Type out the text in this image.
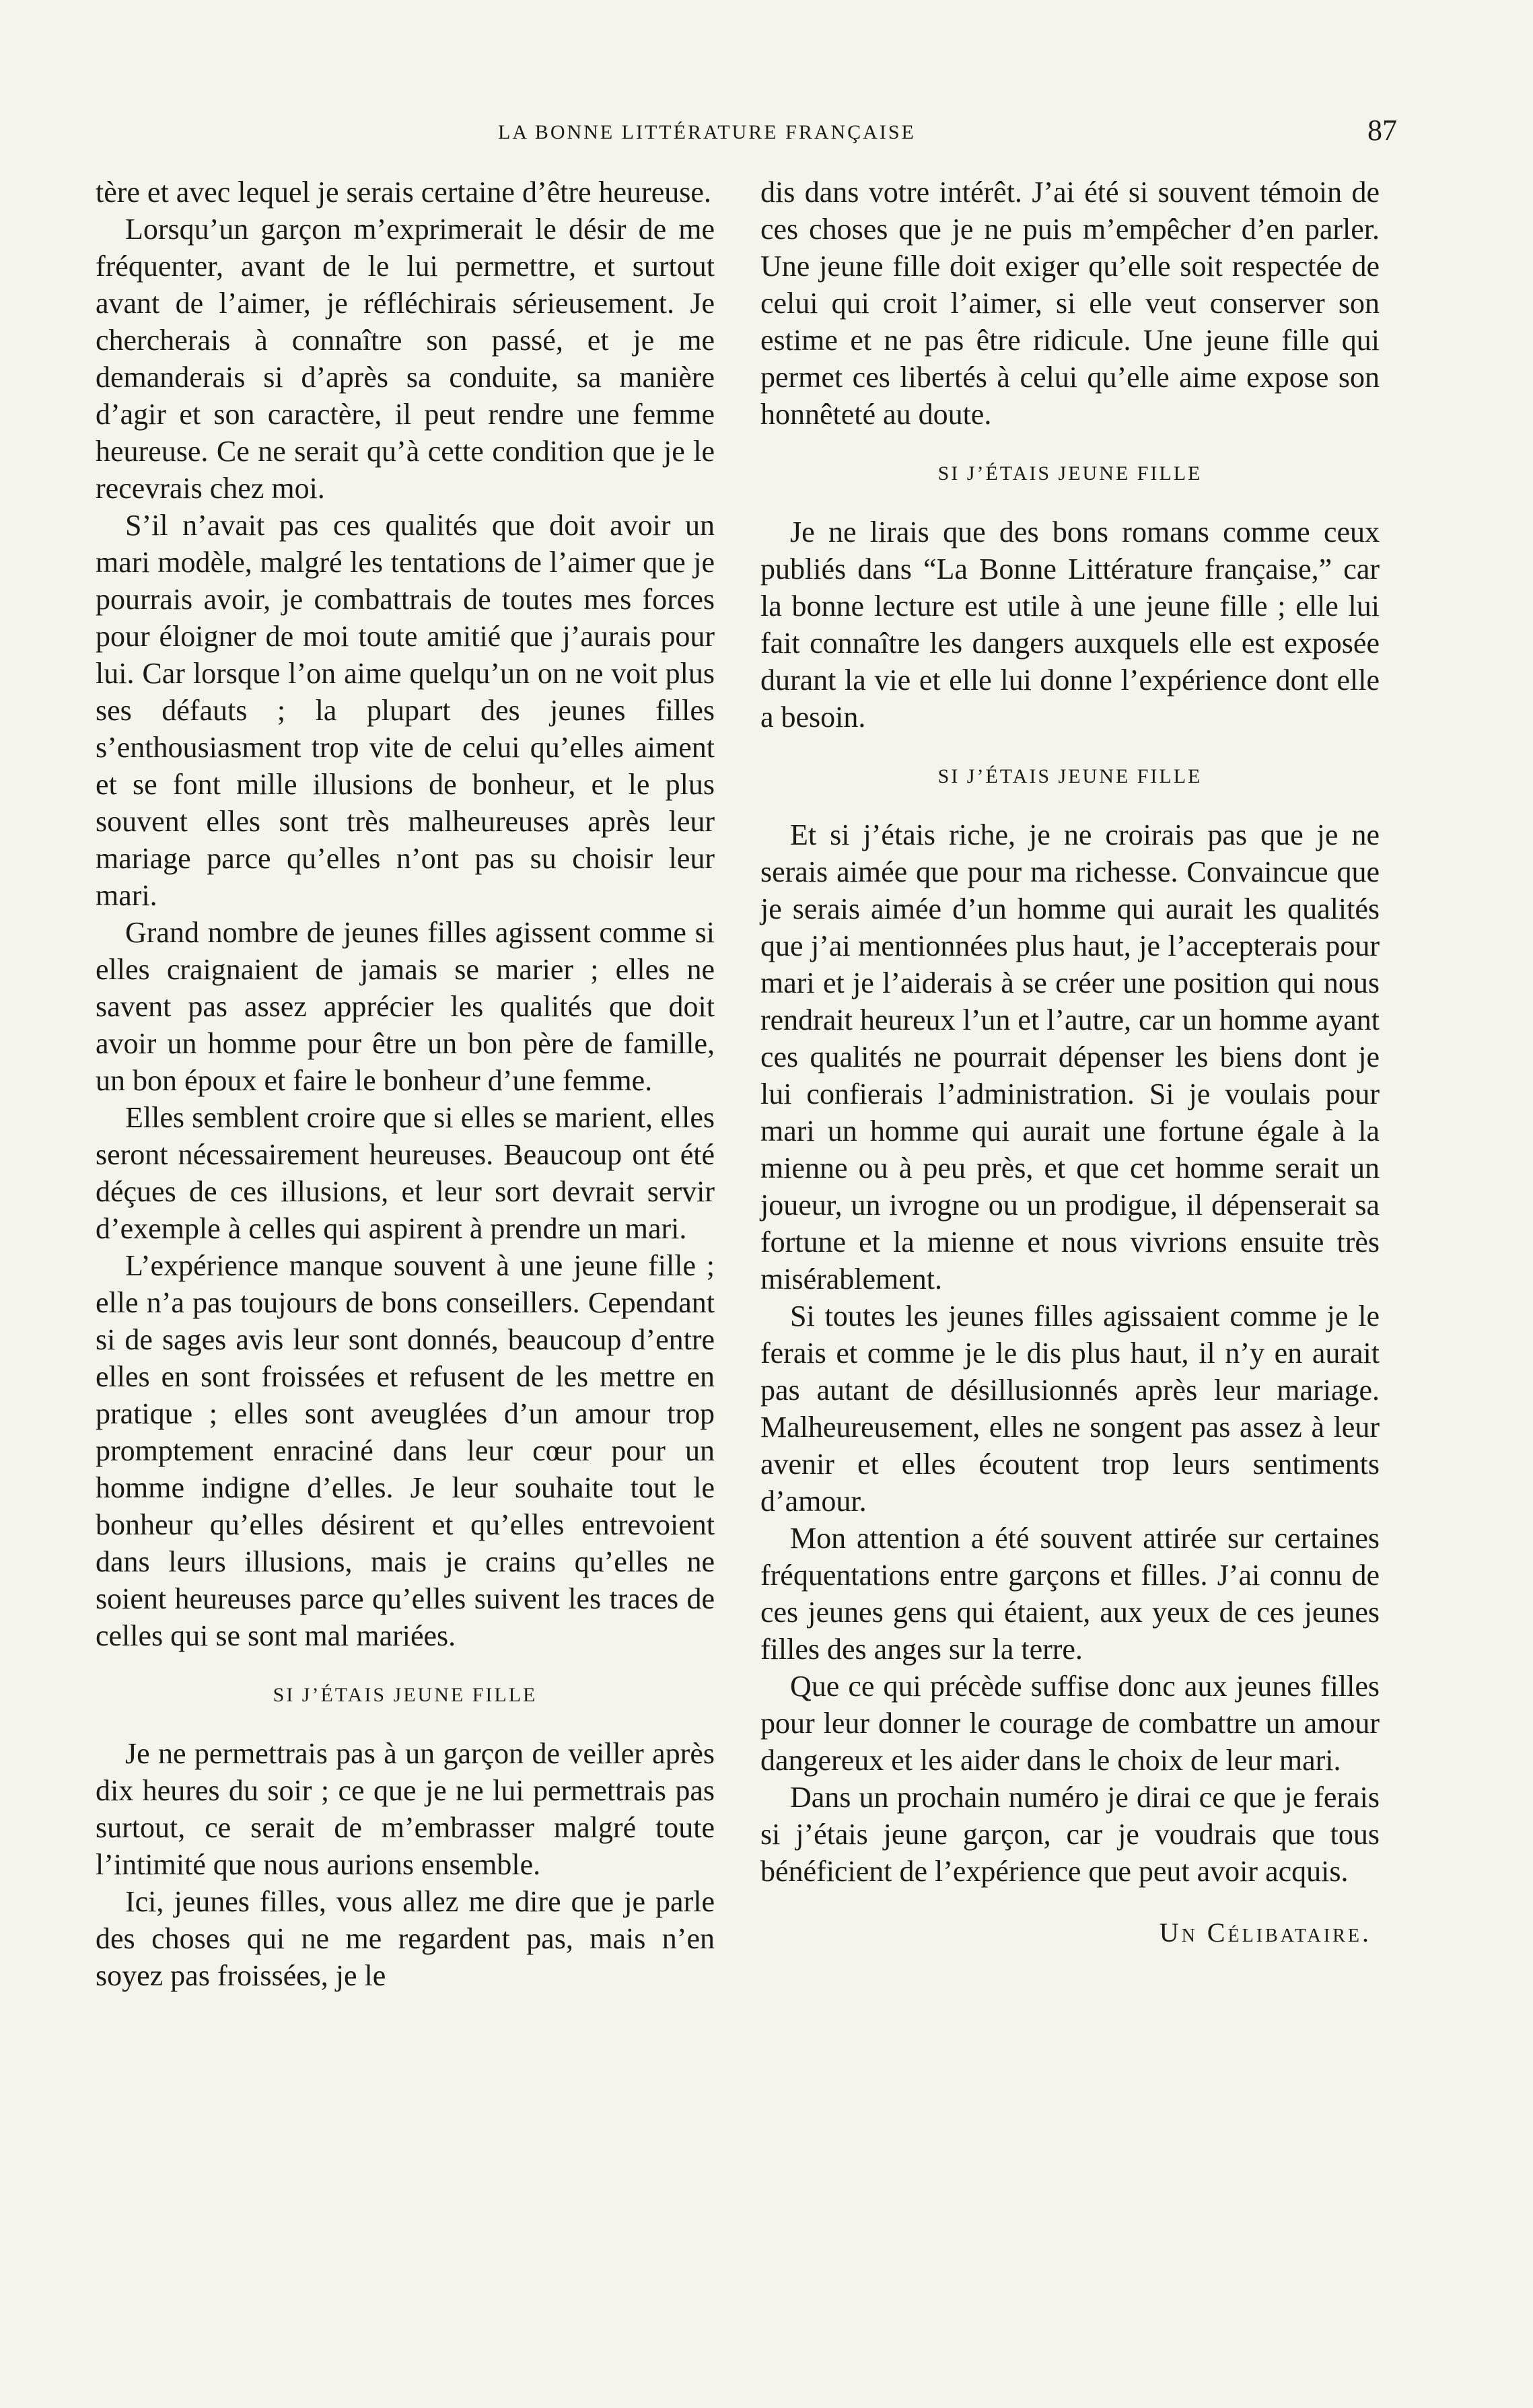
LA BONNE LITTÉRATURE FRANÇAISE	87

tère et avec lequel je serais certaine d’être heureuse.

Lorsqu’un garçon m’exprimerait le désir de me fréquenter, avant de le lui permettre, et surtout avant de l’aimer, je réfléchirais sérieusement. Je chercherais à connaître son passé, et je me demanderais si d’après sa conduite, sa manière d’agir et son caractère, il peut rendre une femme heureuse. Ce ne serait qu’à cette condition que je le recevrais chez moi.

S’il n’avait pas ces qualités que doit avoir un mari modèle, malgré les tentations de l’aimer que je pourrais avoir, je combattrais de toutes mes forces pour éloigner de moi toute amitié que j’aurais pour lui. Car lorsque l’on aime quelqu’un on ne voit plus ses défauts ; la plupart des jeunes filles s’enthousiasment trop vite de celui qu’elles aiment et se font mille illusions de bonheur, et le plus souvent elles sont très malheureuses après leur mariage parce qu’elles n’ont pas su choisir leur mari.

Grand nombre de jeunes filles agissent comme si elles craignaient de jamais se marier ; elles ne savent pas assez apprécier les qualités que doit avoir un homme pour être un bon père de famille, un bon époux et faire le bonheur d’une femme.

Elles semblent croire que si elles se marient, elles seront nécessairement heureuses. Beaucoup ont été déçues de ces illusions, et leur sort devrait servir d’exemple à celles qui aspirent à prendre un mari.

L’expérience manque souvent à une jeune fille ; elle n’a pas toujours de bons conseillers. Cependant si de sages avis leur sont donnés, beaucoup d’entre elles en sont froissées et refusent de les mettre en pratique ; elles sont aveuglées d’un amour trop promptement enraciné dans leur cœur pour un homme indigne d’elles. Je leur souhaite tout le bonheur qu’elles désirent et qu’elles entrevoient dans leurs illusions, mais je crains qu’elles ne soient heureuses parce qu’elles suivent les traces de celles qui se sont mal mariées.

SI J’ÉTAIS JEUNE FILLE

Je ne permettrais pas à un garçon de veiller après dix heures du soir ; ce que je ne lui permettrais pas surtout, ce serait de m’embrasser malgré toute l’intimité que nous aurions ensemble.

Ici, jeunes filles, vous allez me dire que je parle des choses qui ne me regardent pas, mais n’en soyez pas froissées, je le

dis dans votre intérêt. J’ai été si souvent témoin de ces choses que je ne puis m’empêcher d’en parler. Une jeune fille doit exiger qu’elle soit respectée de celui qui croit l’aimer, si elle veut conserver son estime et ne pas être ridicule. Une jeune fille qui permet ces libertés à celui qu’elle aime expose son honnêteté au doute.

SI J’ÉTAIS JEUNE FILLE

Je ne lirais que des bons romans comme ceux publiés dans “La Bonne Littérature française,” car la bonne lecture est utile à une jeune fille ; elle lui fait connaître les dangers auxquels elle est exposée durant la vie et elle lui donne l’expérience dont elle a besoin.

SI J’ÉTAIS JEUNE FILLE

Et si j’étais riche, je ne croirais pas que je ne serais aimée que pour ma richesse. Convaincue que je serais aimée d’un homme qui aurait les qualités que j’ai mentionnées plus haut, je l’accepterais pour mari et je l’aiderais à se créer une position qui nous rendrait heureux l’un et l’autre, car un homme ayant ces qualités ne pourrait dépenser les biens dont je lui confierais l’administration. Si je voulais pour mari un homme qui aurait une fortune égale à la mienne ou à peu près, et que cet homme serait un joueur, un ivrogne ou un prodigue, il dépenserait sa fortune et la mienne et nous vivrions ensuite très misérablement.

Si toutes les jeunes filles agissaient comme je le ferais et comme je le dis plus haut, il n’y en aurait pas autant de désillusionnés après leur mariage. Malheureusement, elles ne songent pas assez à leur avenir et elles écoutent trop leurs sentiments d’amour.

Mon attention a été souvent attirée sur certaines fréquentations entre garçons et filles. J’ai connu de ces jeunes gens qui étaient, aux yeux de ces jeunes filles des anges sur la terre.

Que ce qui précède suffise donc aux jeunes filles pour leur donner le courage de combattre un amour dangereux et les aider dans le choix de leur mari.

Dans un prochain numéro je dirai ce que je ferais si j’étais jeune garçon, car je voudrais que tous bénéficient de l’expérience que peut avoir acquis.

Un Célibataire.
